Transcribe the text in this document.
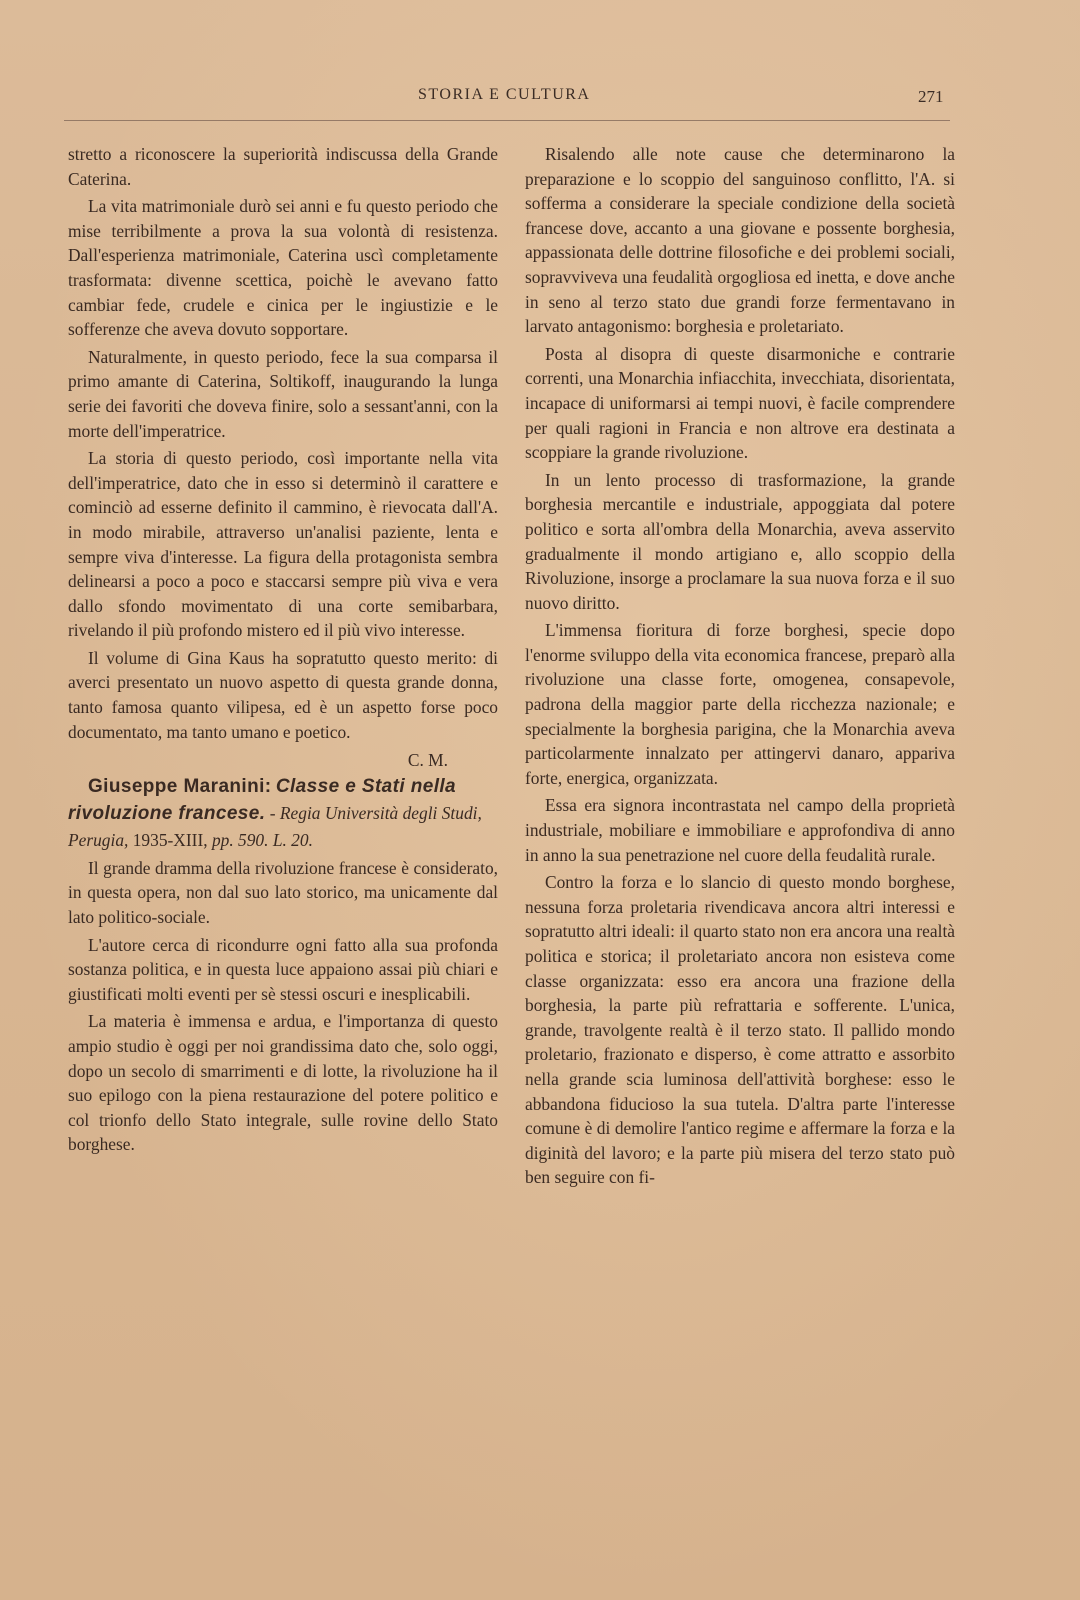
STORIA E CULTURA	271

stretto a riconoscere la superiorità indiscussa della Grande Caterina.

La vita matrimoniale durò sei anni e fu questo periodo che mise terribilmente a prova la sua volontà di resistenza. Dall'esperienza matrimoniale, Caterina uscì completamente trasformata: divenne scettica, poichè le avevano fatto cambiar fede, crudele e cinica per le ingiustizie e le sofferenze che aveva dovuto sopportare.

Naturalmente, in questo periodo, fece la sua comparsa il primo amante di Caterina, Soltikoff, inaugurando la lunga serie dei favoriti che doveva finire, solo a sessant'anni, con la morte dell'imperatrice.

La storia di questo periodo, così importante nella vita dell'imperatrice, dato che in esso si determinò il carattere e cominciò ad esserne definito il cammino, è rievocata dall'A. in modo mirabile, attraverso un'analisi paziente, lenta e sempre viva d'interesse. La figura della protagonista sembra delinearsi a poco a poco e staccarsi sempre più viva e vera dallo sfondo movimentato di una corte semibarbara, rivelando il più profondo mistero ed il più vivo interesse.

Il volume di Gina Kaus ha sopratutto questo merito: di averci presentato un nuovo aspetto di questa grande donna, tanto famosa quanto vilipesa, ed è un aspetto forse poco documentato, ma tanto umano e poetico.

C. M.

Giuseppe Maranini: Classe e Stati nella rivoluzione francese. - Regia Università degli Studi, Perugia, 1935-XIII, pp. 590. L. 20.

Il grande dramma della rivoluzione francese è considerato, in questa opera, non dal suo lato storico, ma unicamente dal lato politico-sociale.

L'autore cerca di ricondurre ogni fatto alla sua profonda sostanza politica, e in questa luce appaiono assai più chiari e giustificati molti eventi per sè stessi oscuri e inesplicabili.

La materia è immensa e ardua, e l'importanza di questo ampio studio è oggi per noi grandissima dato che, solo oggi, dopo un secolo di smarrimenti e di lotte, la rivoluzione ha il suo epilogo con la piena restaurazione del potere politico e col trionfo dello Stato integrale, sulle rovine dello Stato borghese.

Risalendo alle note cause che determinarono la preparazione e lo scoppio del sanguinoso conflitto, l'A. si sofferma a considerare la speciale condizione della società francese dove, accanto a una giovane e possente borghesia, appassionata delle dottrine filosofiche e dei problemi sociali, sopravviveva una feudalità orgogliosa ed inetta, e dove anche in seno al terzo stato due grandi forze fermentavano in larvato antagonismo: borghesia e proletariato.

Posta al disopra di queste disarmoniche e contrarie correnti, una Monarchia infiacchita, invecchiata, disorientata, incapace di uniformarsi ai tempi nuovi, è facile comprendere per quali ragioni in Francia e non altrove era destinata a scoppiare la grande rivoluzione.

In un lento processo di trasformazione, la grande borghesia mercantile e industriale, appoggiata dal potere politico e sorta all'ombra della Monarchia, aveva asservito gradualmente il mondo artigiano e, allo scoppio della Rivoluzione, insorge a proclamare la sua nuova forza e il suo nuovo diritto.

L'immensa fioritura di forze borghesi, specie dopo l'enorme sviluppo della vita economica francese, preparò alla rivoluzione una classe forte, omogenea, consapevole, padrona della maggior parte della ricchezza nazionale; e specialmente la borghesia parigina, che la Monarchia aveva particolarmente innalzato per attingervi danaro, appariva forte, energica, organizzata.

Essa era signora incontrastata nel campo della proprietà industriale, mobiliare e immobiliare e approfondiva di anno in anno la sua penetrazione nel cuore della feudalità rurale.

Contro la forza e lo slancio di questo mondo borghese, nessuna forza proletaria rivendicava ancora altri interessi e sopratutto altri ideali: il quarto stato non era ancora una realtà politica e storica; il proletariato ancora non esisteva come classe organizzata: esso era ancora una frazione della borghesia, la parte più refrattaria e sofferente. L'unica, grande, travolgente realtà è il terzo stato. Il pallido mondo proletario, frazionato e disperso, è come attratto e assorbito nella grande scia luminosa dell'attività borghese: esso le abbandona fiducioso la sua tutela. D'altra parte l'interesse comune è di demolire l'antico regime e affermare la forza e la diginità del lavoro; e la parte più misera del terzo stato può ben seguire con fi-
